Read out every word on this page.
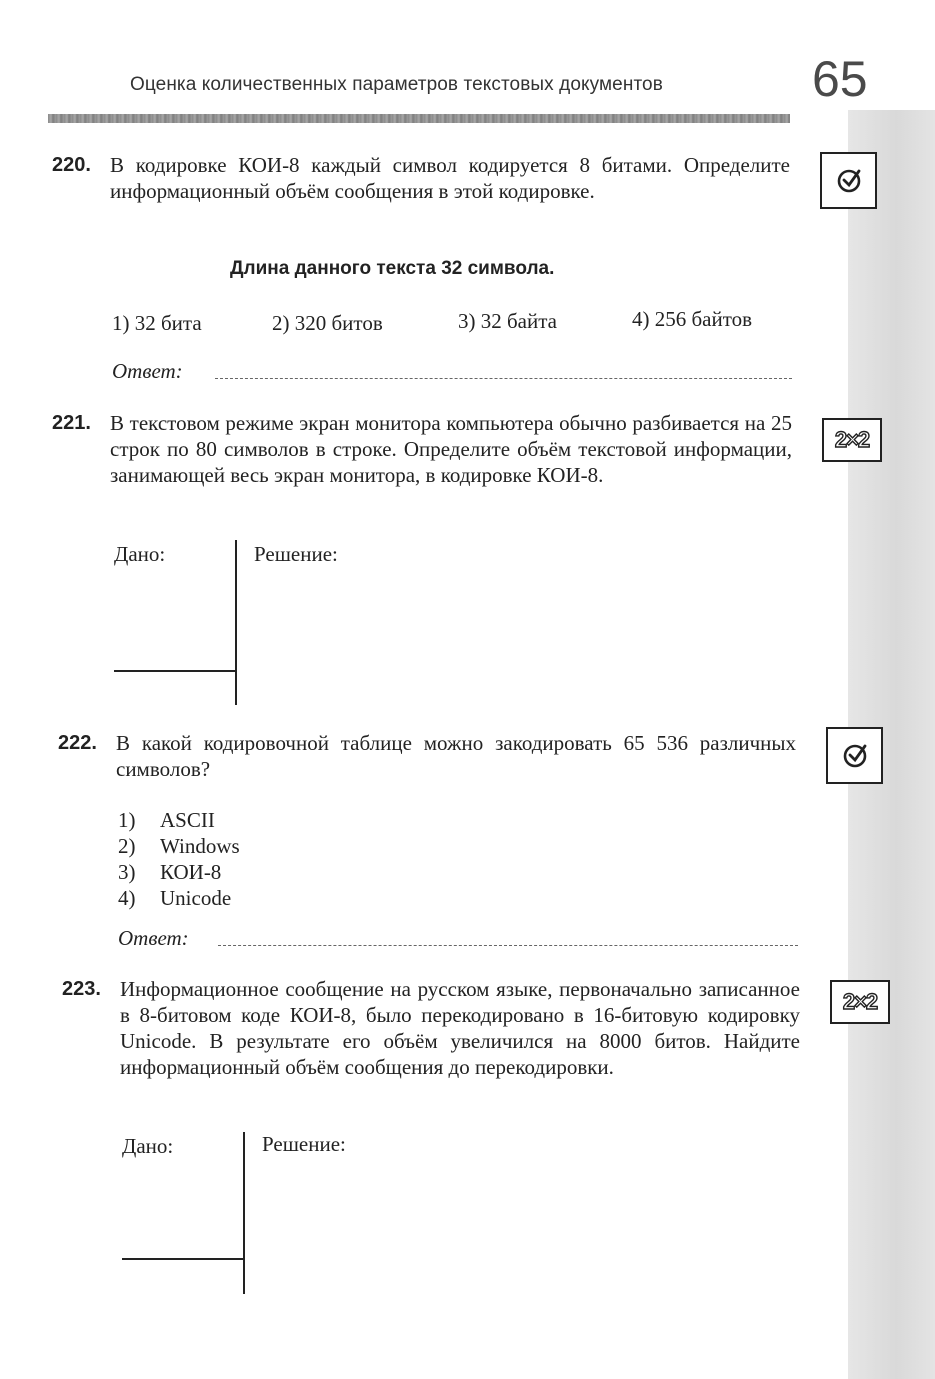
Оценка количественных параметров текстовых документов	65
220. В кодировке КОИ-8 каждый символ кодируется 8 битами. Определите информационный объём сообщения в этой кодировке.
Длина данного текста 32 символа.
1) 32 бита	2) 320 битов	3) 32 байта	4) 256 байтов
Ответ:
221. В текстовом режиме экран монитора компьютера обычно разбивается на 25 строк по 80 символов в строке. Определите объём текстовой информации, занимающей весь экран монитора, в кодировке КОИ-8.
Дано:	Решение:
2×2
222. В какой кодировочной таблице можно закодировать 65 536 различных символов?
1) ASCII
2) Windows
3) КОИ-8
4) Unicode
Ответ:
223. Информационное сообщение на русском языке, первоначально записанное в 8-битовом коде КОИ-8, было перекодировано в 16-битовую кодировку Unicode. В результате его объём увеличился на 8000 битов. Найдите информационный объём сообщения до перекодировки.
Дано:	Решение:
2×2
